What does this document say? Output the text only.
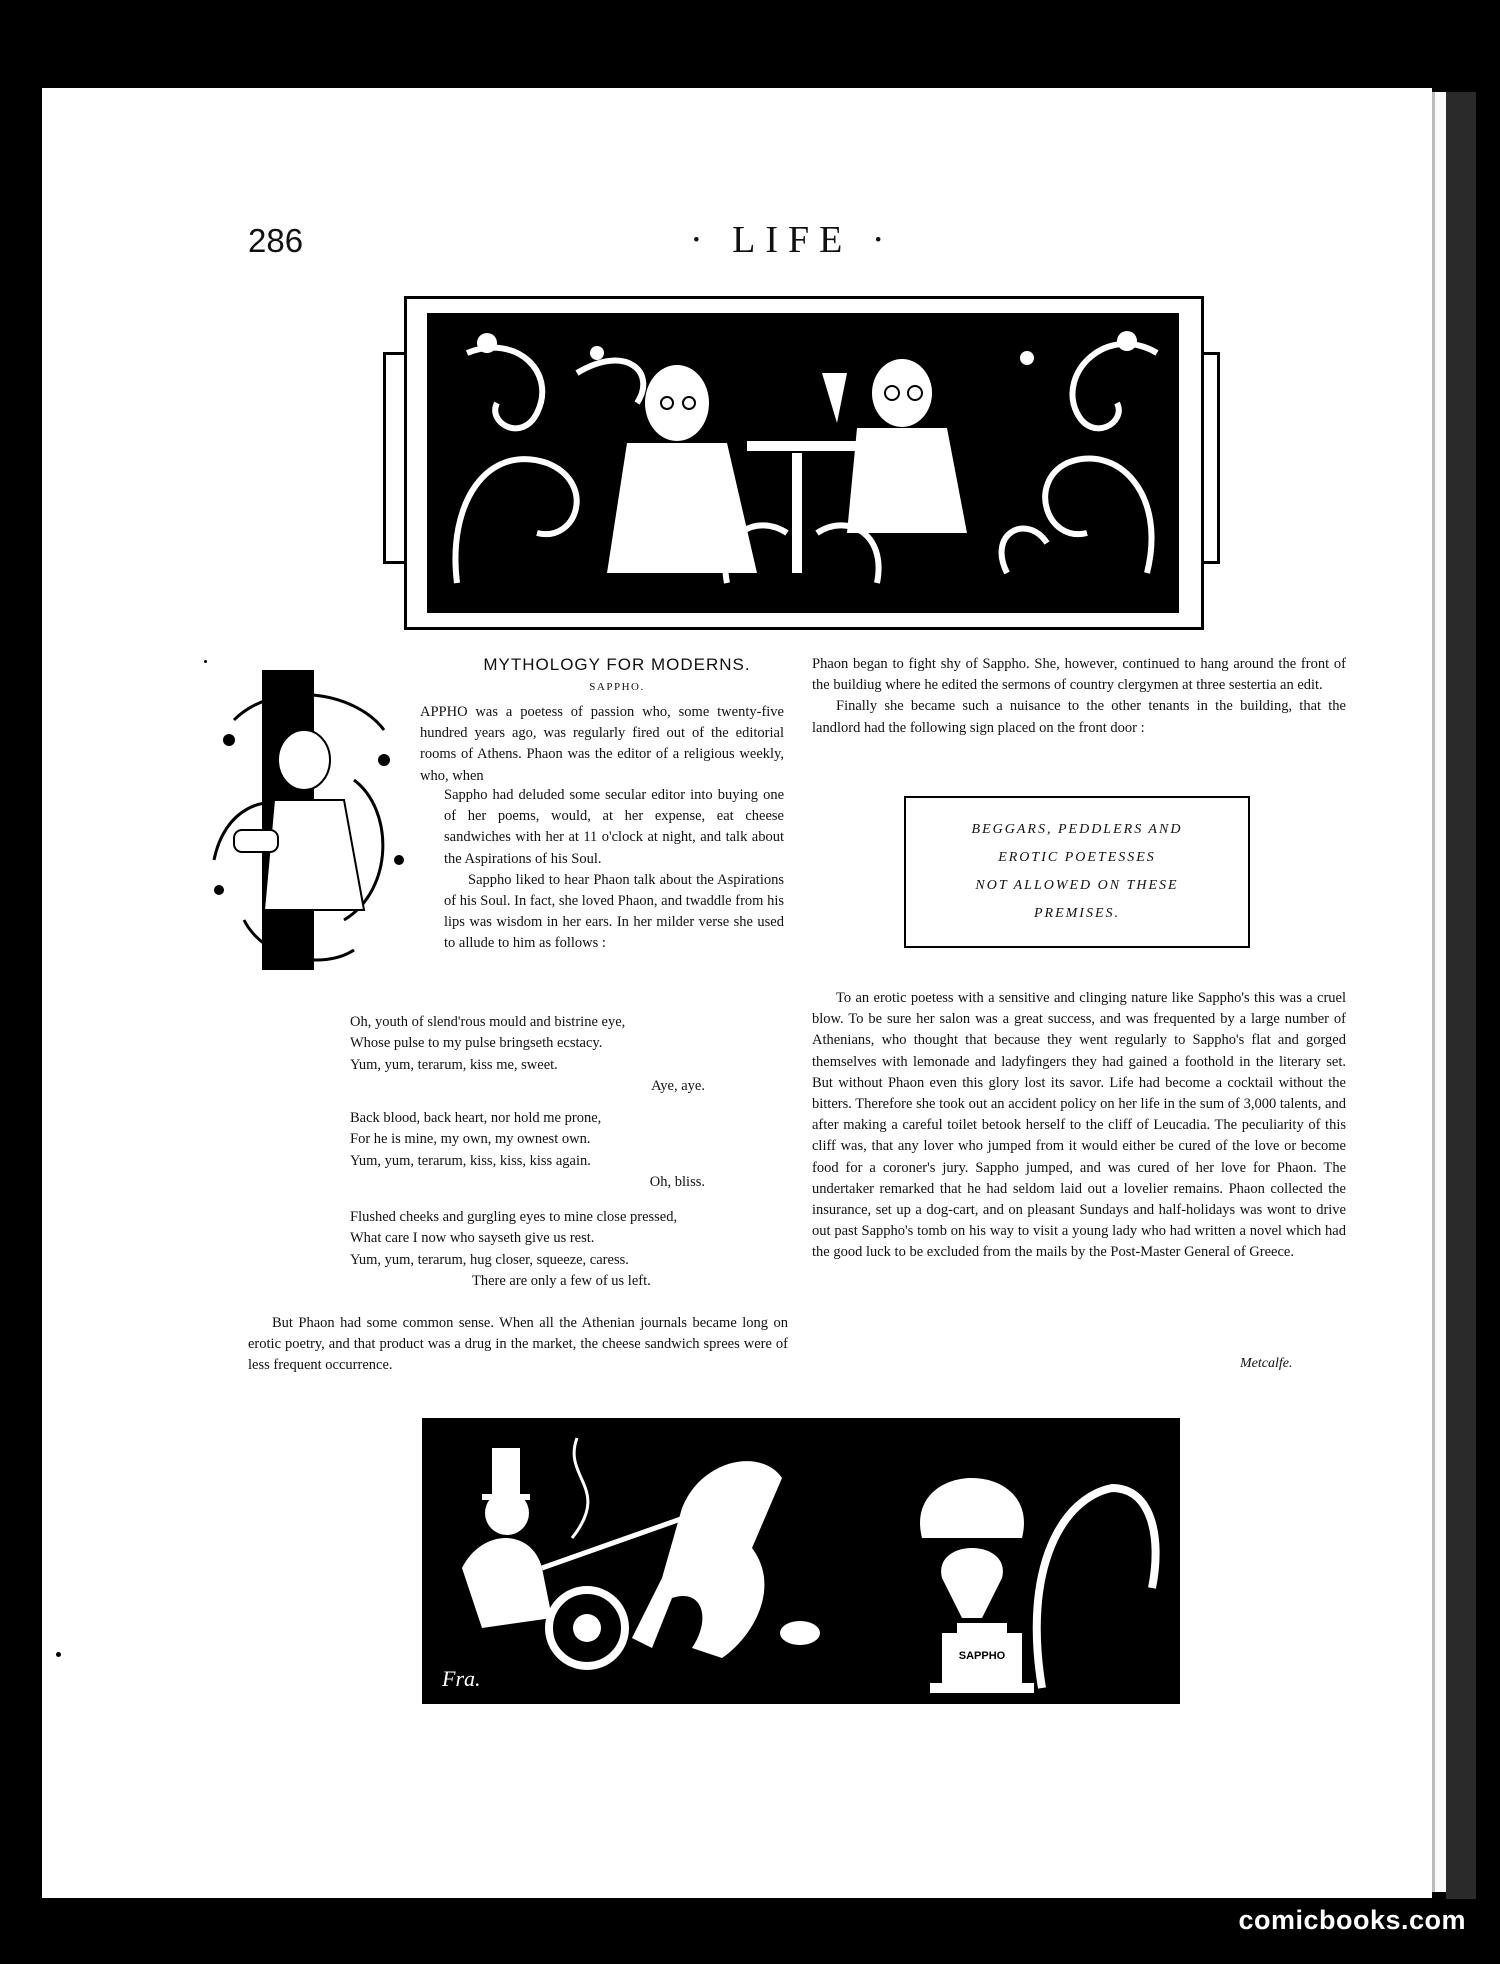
286	· LIFE ·
F.G. Attwood
MYTHOLOGY FOR MODERNS.
SAPPHO.
APPHO was a poetess of passion who, some twenty-five hundred years ago, was regularly fired out of the editorial rooms of Athens. Phaon was the editor of a religious weekly, who, when
Sappho had deluded some secular editor into buying one of her poems, would, at her expense, eat cheese sandwiches with her at 11 o'clock at night, and talk about the Aspirations of his Soul.
Sappho liked to hear Phaon talk about the Aspirations of his Soul. In fact, she loved Phaon, and twaddle from his lips was wisdom in her ears. In her milder verse she used to allude to him as follows :
Oh, youth of slend'rous mould and bistrine eye,
Whose pulse to my pulse bringseth ecstacy.
Yum, yum, terarum, kiss me, sweet.
Aye, aye.
Back blood, back heart, nor hold me prone,
For he is mine, my own, my ownest own.
Yum, yum, terarum, kiss, kiss, kiss again.
Oh, bliss.
Flushed cheeks and gurgling eyes to mine close pressed,
What care I now who sayseth give us rest.
Yum, yum, terarum, hug closer, squeeze, caress.
There are only a few of us left.
But Phaon had some common sense. When all the Athenian journals became long on erotic poetry, and that product was a drug in the market, the cheese sandwich sprees were of less frequent occurrence.

Phaon began to fight shy of Sappho. She, however, continued to hang around the front of the buildiug where he edited the sermons of country clergymen at three sestertia an edit.

Finally she became such a nuisance to the other tenants in the building, that the landlord had the following sign placed on the front door :

BEGGARS, PEDDLERS AND
EROTIC POETESSES
NOT ALLOWED ON THESE
PREMISES.
To an erotic poetess with a sensitive and clinging nature like Sappho's this was a cruel blow. To be sure her salon was a great success, and was frequented by a large number of Athenians, who thought that because they went regularly to Sappho's flat and gorged themselves with lemonade and ladyfingers they had gained a foothold in the literary set. But without Phaon even this glory lost its savor. Life had become a cocktail without the bitters. Therefore she took out an accident policy on her life in the sum of 3,000 talents, and after making a careful toilet betook herself to the cliff of Leucadia. The peculiarity of this cliff was, that any lover who jumped from it would either be cured of the love or become food for a coroner's jury. Sappho jumped, and was cured of her love for Phaon. The undertaker remarked that he had seldom laid out a lovelier remains. Phaon collected the insurance, set up a dog-cart, and on pleasant Sundays and half-holidays was wont to drive out past Sappho's tomb on his way to visit a young lady who had written a novel which had the good luck to be excluded from the mails by the Post-Master General of Greece.
Metcalfe.
SAPPHO
Fra.
comicbooks.com
